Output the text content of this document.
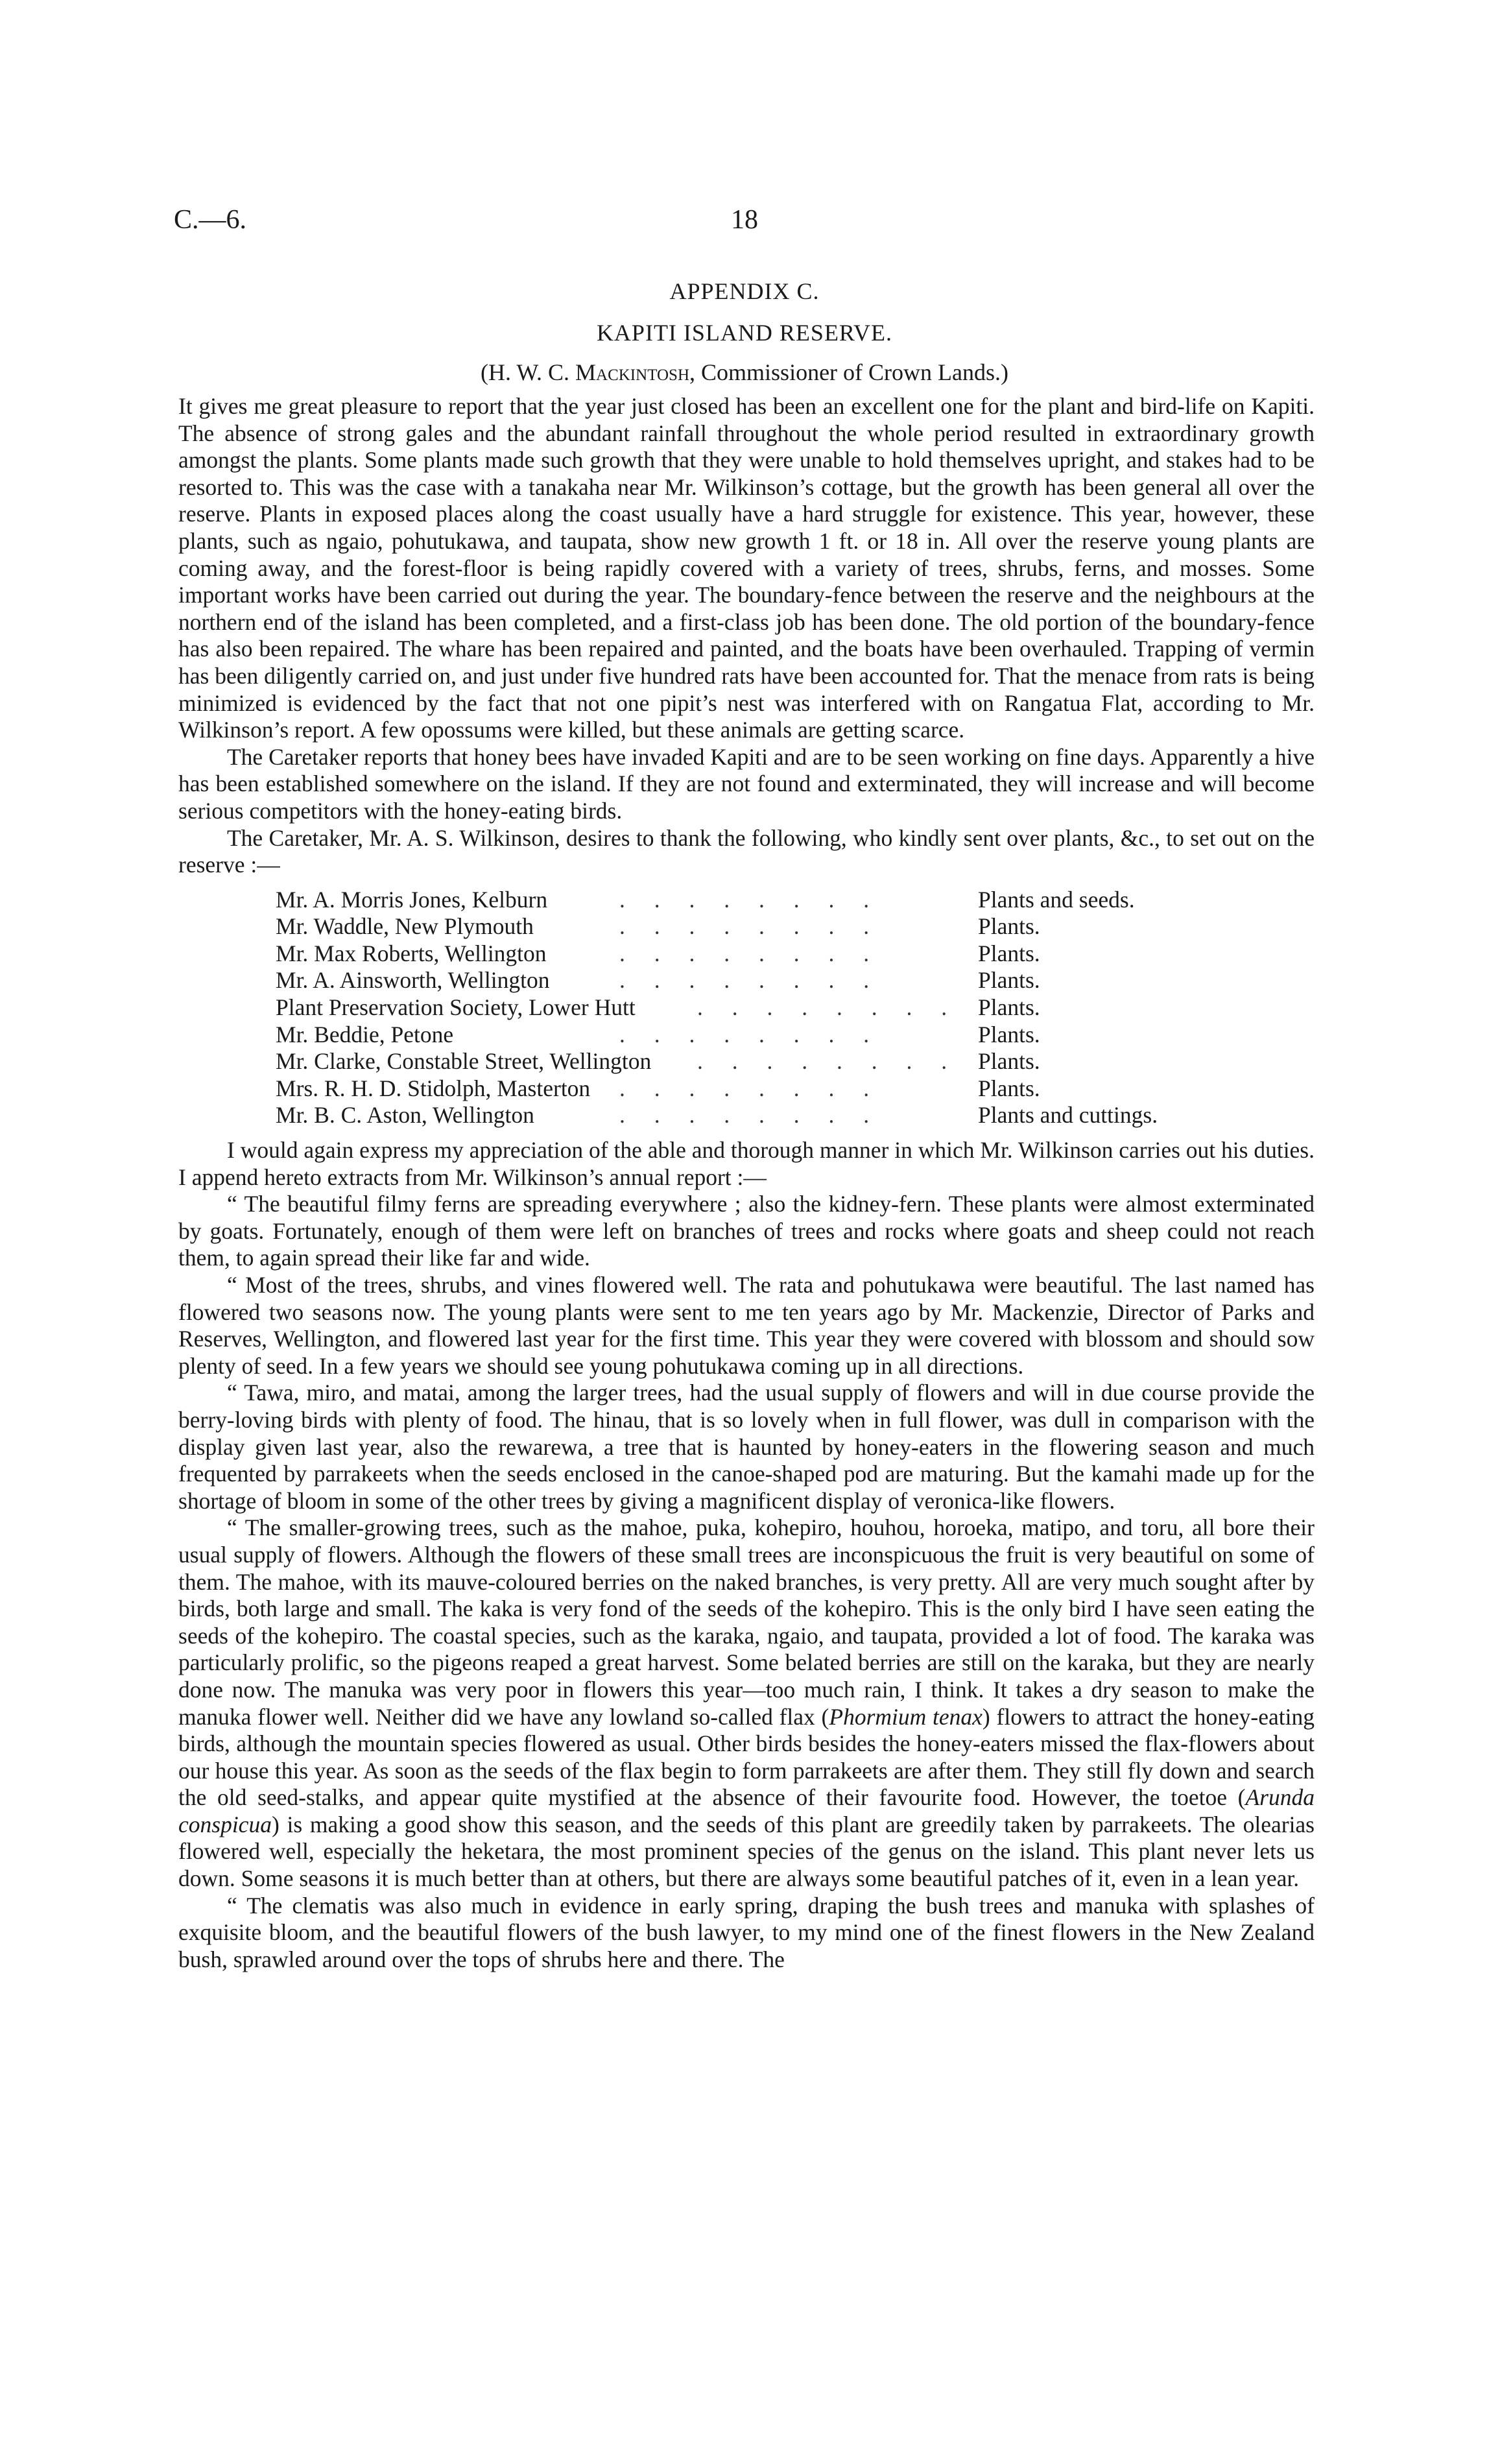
C.—6.	18
APPENDIX C.
KAPITI ISLAND RESERVE.
(H. W. C. Mackintosh, Commissioner of Crown Lands.)

It gives me great pleasure to report that the year just closed has been an excellent one for the plant and bird-life on Kapiti. The absence of strong gales and the abundant rainfall throughout the whole period resulted in extraordinary growth amongst the plants. Some plants made such growth that they were unable to hold themselves upright, and stakes had to be resorted to. This was the case with a tanakaha near Mr. Wilkinson’s cottage, but the growth has been general all over the reserve. Plants in exposed places along the coast usually have a hard struggle for existence. This year, however, these plants, such as ngaio, pohutukawa, and taupata, show new growth 1 ft. or 18 in. All over the reserve young plants are coming away, and the forest-floor is being rapidly covered with a variety of trees, shrubs, ferns, and mosses. Some important works have been carried out during the year. The boundary-fence between the reserve and the neighbours at the northern end of the island has been completed, and a first-class job has been done. The old portion of the boundary-fence has also been repaired. The whare has been repaired and painted, and the boats have been overhauled. Trapping of vermin has been diligently carried on, and just under five hundred rats have been accounted for. That the menace from rats is being minimized is evidenced by the fact that not one pipit’s nest was interfered with on Rangatua Flat, according to Mr. Wilkinson’s report. A few opossums were killed, but these animals are getting scarce.

The Caretaker reports that honey bees have invaded Kapiti and are to be seen working on fine days. Apparently a hive has been established somewhere on the island. If they are not found and exterminated, they will increase and will become serious competitors with the honey-eating birds.

The Caretaker, Mr. A. S. Wilkinson, desires to thank the following, who kindly sent over plants, &c., to set out on the reserve :—

Mr. A. Morris Jones, Kelburn	. . . . . . . .	Plants and seeds.
Mr. Waddle, New Plymouth	. . . . . . . .	Plants.
Mr. Max Roberts, Wellington	. . . . . . . .	Plants.
Mr. A. Ainsworth, Wellington	. . . . . . . .	Plants.
Plant Preservation Society, Lower Hutt	. . . . . . . . Plants.
Mr. Beddie, Petone	. . . . . . . .	Plants.
Mr. Clarke, Constable Street, Wellington . . . . . . . . Plants.
Mrs. R. H. D. Stidolph, Masterton . . . . . . . .	Plants.
Mr. B. C. Aston, Wellington	. . . . . . . .	Plants and cuttings.

I would again express my appreciation of the able and thorough manner in which Mr. Wilkinson carries out his duties. I append hereto extracts from Mr. Wilkinson’s annual report :—

“ The beautiful filmy ferns are spreading everywhere ; also the kidney-fern. These plants were almost exterminated by goats. Fortunately, enough of them were left on branches of trees and rocks where goats and sheep could not reach them, to again spread their like far and wide.

“ Most of the trees, shrubs, and vines flowered well. The rata and pohutukawa were beautiful. The last named has flowered two seasons now. The young plants were sent to me ten years ago by Mr. Mackenzie, Director of Parks and Reserves, Wellington, and flowered last year for the first time. This year they were covered with blossom and should sow plenty of seed. In a few years we should see young pohutukawa coming up in all directions.

“ Tawa, miro, and matai, among the larger trees, had the usual supply of flowers and will in due course provide the berry-loving birds with plenty of food. The hinau, that is so lovely when in full flower, was dull in comparison with the display given last year, also the rewarewa, a tree that is haunted by honey-eaters in the flowering season and much frequented by parrakeets when the seeds enclosed in the canoe-shaped pod are maturing. But the kamahi made up for the shortage of bloom in some of the other trees by giving a magnificent display of veronica-like flowers.

“ The smaller-growing trees, such as the mahoe, puka, kohepiro, houhou, horoeka, matipo, and toru, all bore their usual supply of flowers. Although the flowers of these small trees are inconspicuous the fruit is very beautiful on some of them. The mahoe, with its mauve-coloured berries on the naked branches, is very pretty. All are very much sought after by birds, both large and small. The kaka is very fond of the seeds of the kohepiro. This is the only bird I have seen eating the seeds of the kohepiro. The coastal species, such as the karaka, ngaio, and taupata, provided a lot of food. The karaka was particularly prolific, so the pigeons reaped a great harvest. Some belated berries are still on the karaka, but they are nearly done now. The manuka was very poor in flowers this year—too much rain, I think. It takes a dry season to make the manuka flower well. Neither did we have any lowland so-called flax (Phormium tenax) flowers to attract the honey-eating birds, although the mountain species flowered as usual. Other birds besides the honey-eaters missed the flax-flowers about our house this year. As soon as the seeds of the flax begin to form parrakeets are after them. They still fly down and search the old seed-stalks, and appear quite mystified at the absence of their favourite food. However, the toetoe (Arunda conspicua) is making a good show this season, and the seeds of this plant are greedily taken by parrakeets. The olearias flowered well, especially the heketara, the most prominent species of the genus on the island. This plant never lets us down. Some seasons it is much better than at others, but there are always some beautiful patches of it, even in a lean year.

“ The clematis was also much in evidence in early spring, draping the bush trees and manuka with splashes of exquisite bloom, and the beautiful flowers of the bush lawyer, to my mind one of the finest flowers in the New Zealand bush, sprawled around over the tops of shrubs here and there. The
